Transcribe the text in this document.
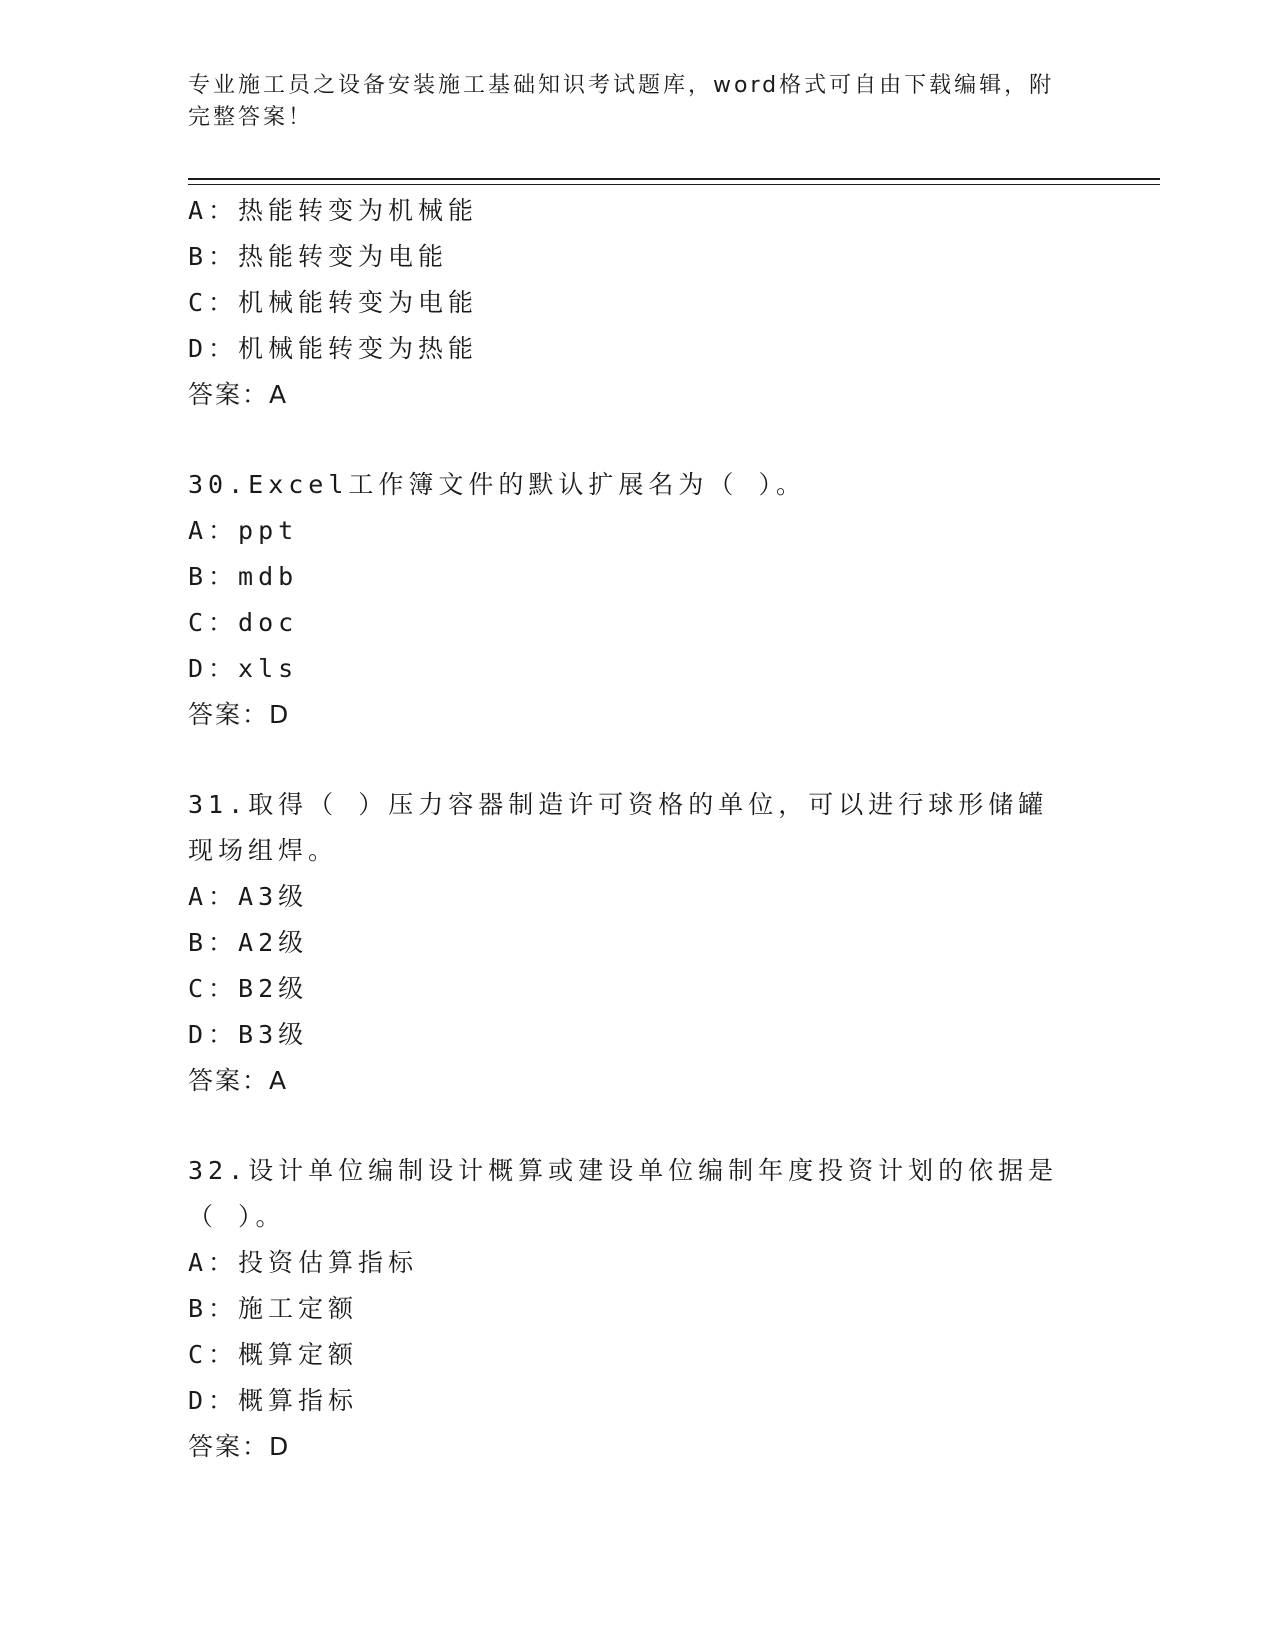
专业施工员之设备安装施工基础知识考试题库，word格式可自由下载编辑，附完整答案！
A：热能转变为机械能
B：热能转变为电能
C：机械能转变为电能
D：机械能转变为热能
答案：A
30.Excel工作簿文件的默认扩展名为（ ）。
A：ppt
B：mdb
C：doc
D：xls
答案：D
31.取得（ ）压力容器制造许可资格的单位，可以进行球形储罐现场组焊。
A：A3级
B：A2级
C：B2级
D：B3级
答案：A
32.设计单位编制设计概算或建设单位编制年度投资计划的依据是（ ）。
A：投资估算指标
B：施工定额
C：概算定额
D：概算指标
答案：D
